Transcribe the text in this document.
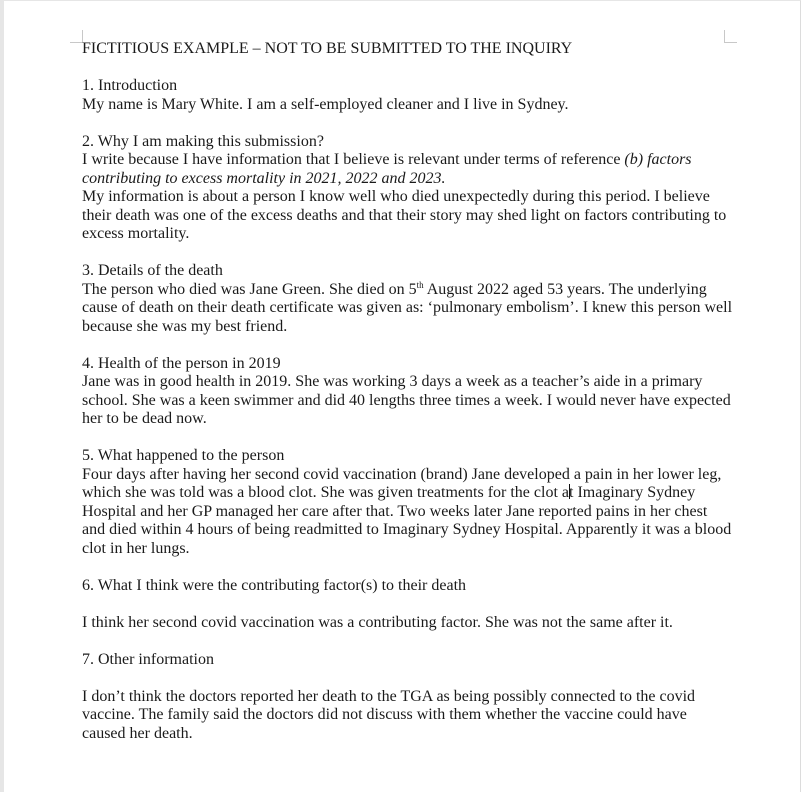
FICTITIOUS EXAMPLE – NOT TO BE SUBMITTED TO THE INQUIRY

1. Introduction

My name is Mary White. I am a self-employed cleaner and I live in Sydney.

2. Why I am making this submission?

I write because I have information that I believe is relevant under terms of reference (b) factors contributing to excess mortality in 2021, 2022 and 2023.

My information is about a person I know well who died unexpectedly during this period. I believe their death was one of the excess deaths and that their story may shed light on factors contributing to excess mortality.

3. Details of the death

The person who died was Jane Green. She died on 5th August 2022 aged 53 years. The underlying cause of death on their death certificate was given as: ‘pulmonary embolism’. I knew this person well because she was my best friend.

4. Health of the person in 2019

Jane was in good health in 2019. She was working 3 days a week as a teacher’s aide in a primary school. She was a keen swimmer and did 40 lengths three times a week. I would never have expected her to be dead now.

5. What happened to the person

Four days after having her second covid vaccination (brand) Jane developed a pain in her lower leg, which she was told was a blood clot. She was given treatments for the clot at Imaginary Sydney Hospital and her GP managed her care after that. Two weeks later Jane reported pains in her chest and died within 4 hours of being readmitted to Imaginary Sydney Hospital. Apparently it was a blood clot in her lungs.

6. What I think were the contributing factor(s) to their death

I think her second covid vaccination was a contributing factor. She was not the same after it.

7. Other information

I don’t think the doctors reported her death to the TGA as being possibly connected to the covid vaccine. The family said the doctors did not discuss with them whether the vaccine could have caused her death.
